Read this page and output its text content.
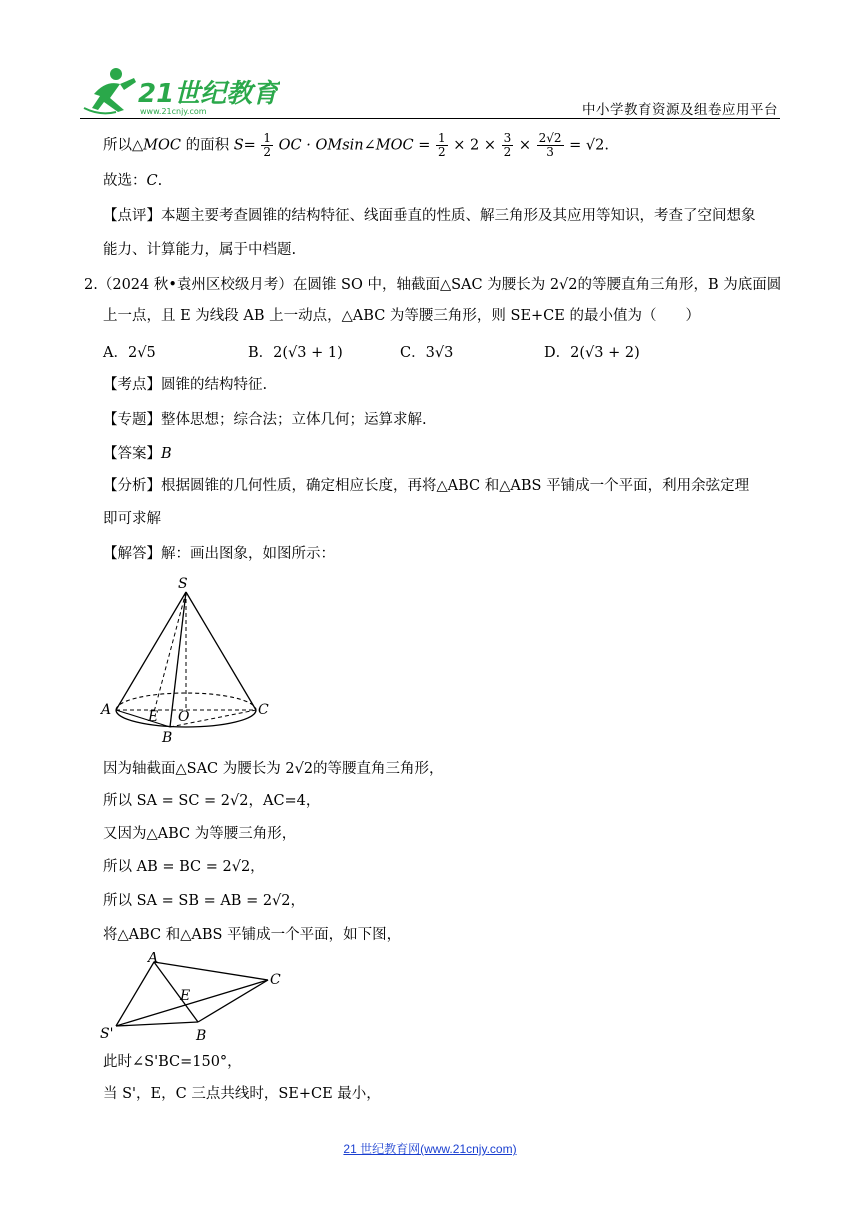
21世纪教育
www.21cnjy.com	中小学教育资源及组卷应用平台
所以△MOC 的面积 $S= \frac{1}{2}$ OC · OMsin∠MOC = $\frac{1}{2} \times 2 \times \frac{3}{2} \times \frac{2√2}{3} = √2$.
故选：C.
【点评】本题主要考查圆锥的结构特征、线面垂直的性质、解三角形及其应用等知识，考查了空间想象
能力、计算能力，属于中档题.
2.（2024 秋•袁州区校级月考）在圆锥 SO 中，轴截面△SAC 为腰长为 2√2的等腰直角三角形，B 为底面圆
上一点，且 E 为线段 AB 上一动点，△ABC 为等腰三角形，则 SE+CE 的最小值为（　　）
A．2√5	B．2(√3 + 1)	C．3√3	D．2(√3 + 2)
【考点】圆锥的结构特征.
【专题】整体思想；综合法；立体几何；运算求解.
【答案】B
【分析】根据圆锥的几何性质，确定相应长度，再将△ABC 和△ABS 平铺成一个平面，利用余弦定理
即可求解
【解答】解：画出图象，如图所示：
S
A	C
E O
B
因为轴截面△SAC 为腰长为 2√2的等腰直角三角形，
所以 SA = SC = 2√2，AC=4，
又因为△ABC 为等腰三角形，
所以 AB = BC = 2√2，
所以 SA = SB = AB = 2√2，
将△ABC 和△ABS 平铺成一个平面，如下图，
A
C
E
S'	B
此时∠S'BC=150°，
当 S'，E，C 三点共线时，SE+CE 最小，
21 世纪教育网(www.21cnjy.com)
